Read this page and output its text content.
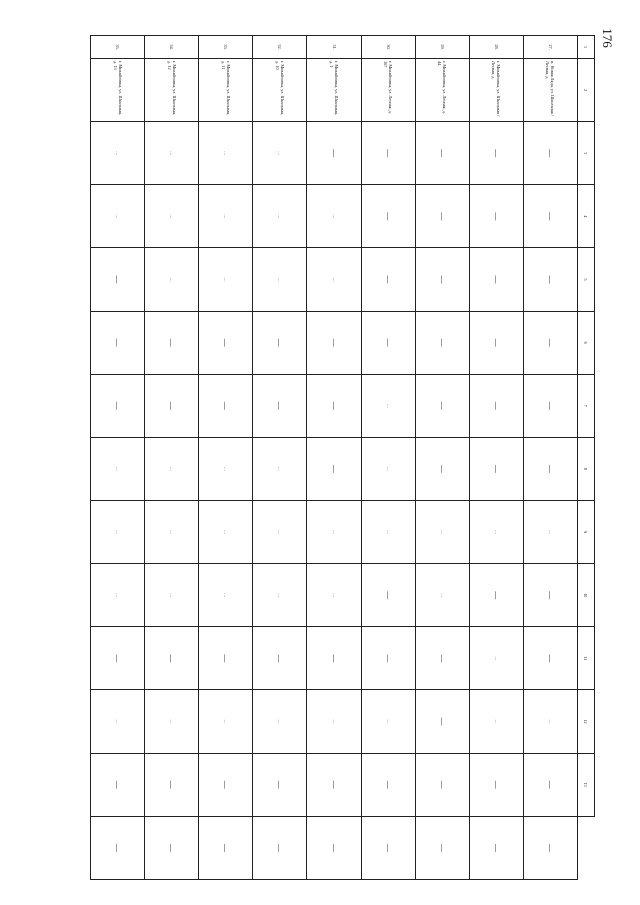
176
1	2	3	4	5	6	7	8	9	10	11	12	13	
27.	п. Новая Ляда, ул. Школьная / Лесная, д.	—	—	—	—	—	—	…	—	—	…	—	—
28.	г. Михайловка, ул. Школьная / Лесная, д.	—	—	—	—	—	—	…	—	…	…	—	—
29.	г. Михайловка, ул. Лесная, д. 44	—	—	—	—	—	—	…	…	—	—	—	—
30.	г. Михайловка, ул. Лесная, д. 107	—	—	—	—	…	…	…	—	—	…	—	—
31.	г. Михайловка, ул. Школьная, д. 1	—	…	…	—	—	—	…	…	—	…	—	—
32.	г. Михайловка, ул. Школьная, д. 10	…	…	…	—	—	…	…	…	—	…	—	—
33.	г. Михайловка, ул. Школьная, д. 11	…	…	…	—	—	…	…	…	—	…	—	—
34.	г. Михайловка, ул. Школьная, д. 12	…	…	…	—	—	…	…	…	—	…	—	—
35.	г. Михайловка, ул. Школьная, д. 13	…	…	—	—	—	…	…	…	—	…	—	—
